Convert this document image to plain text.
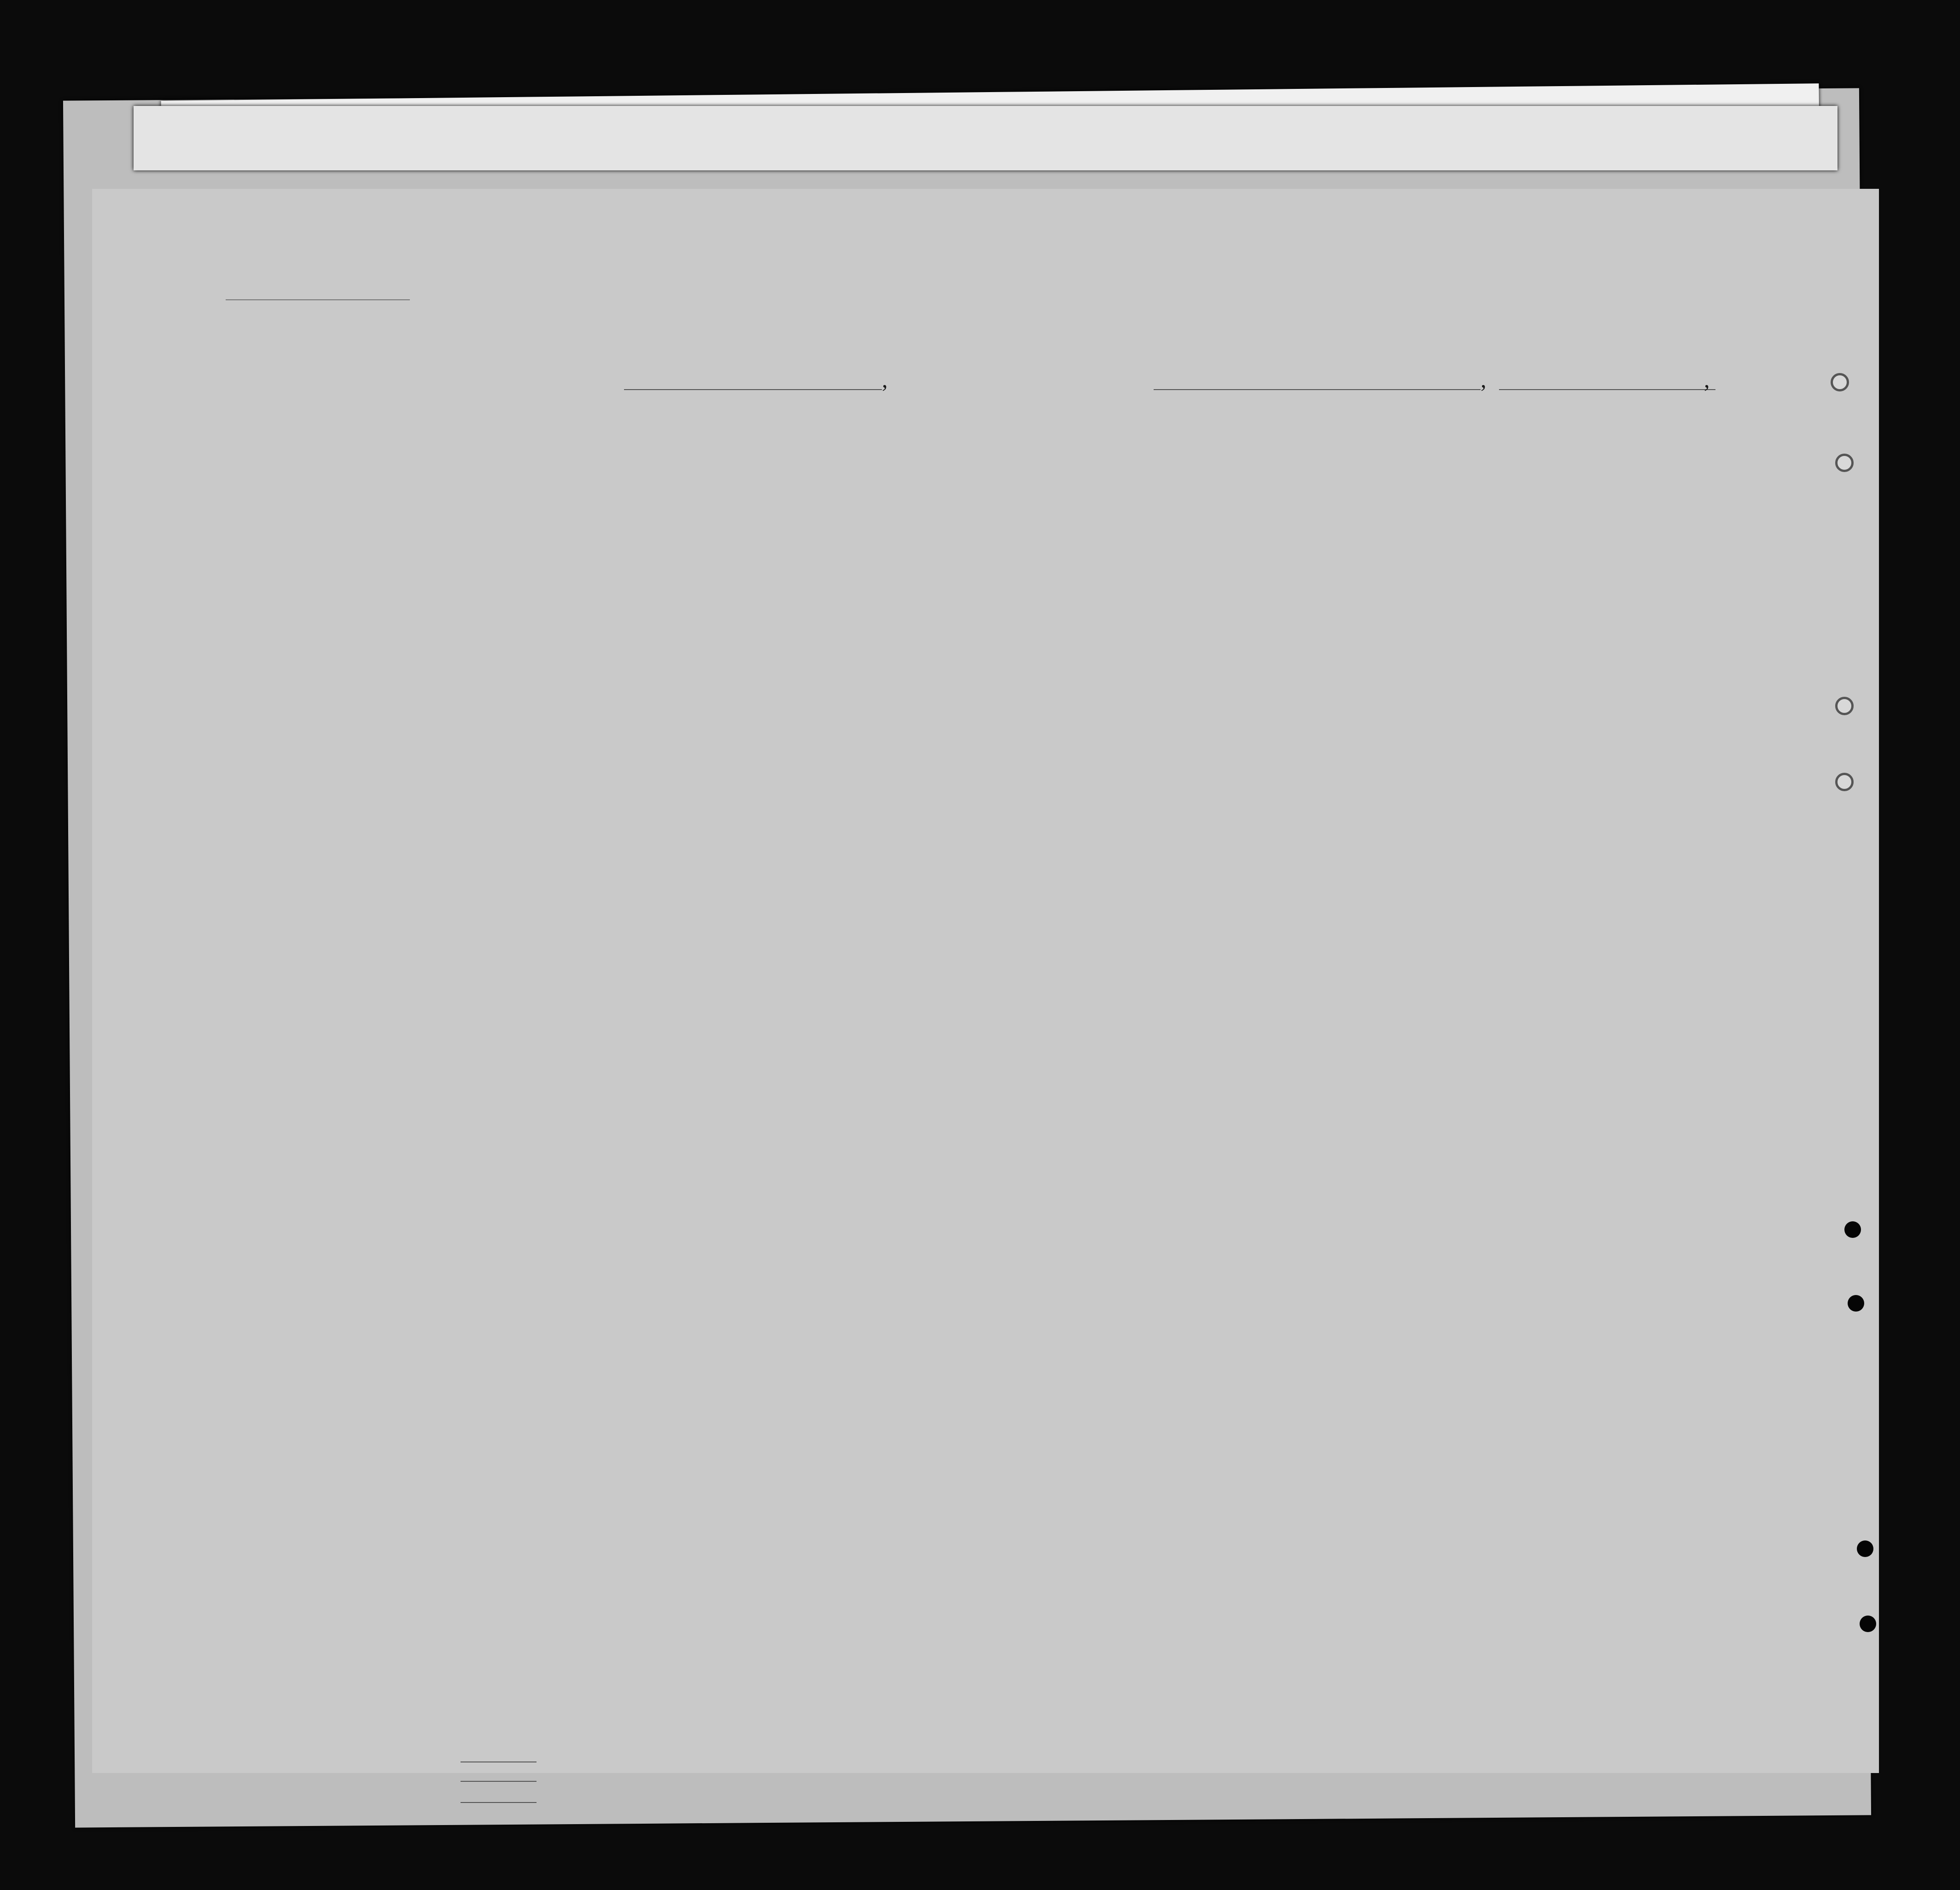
,	,	,
